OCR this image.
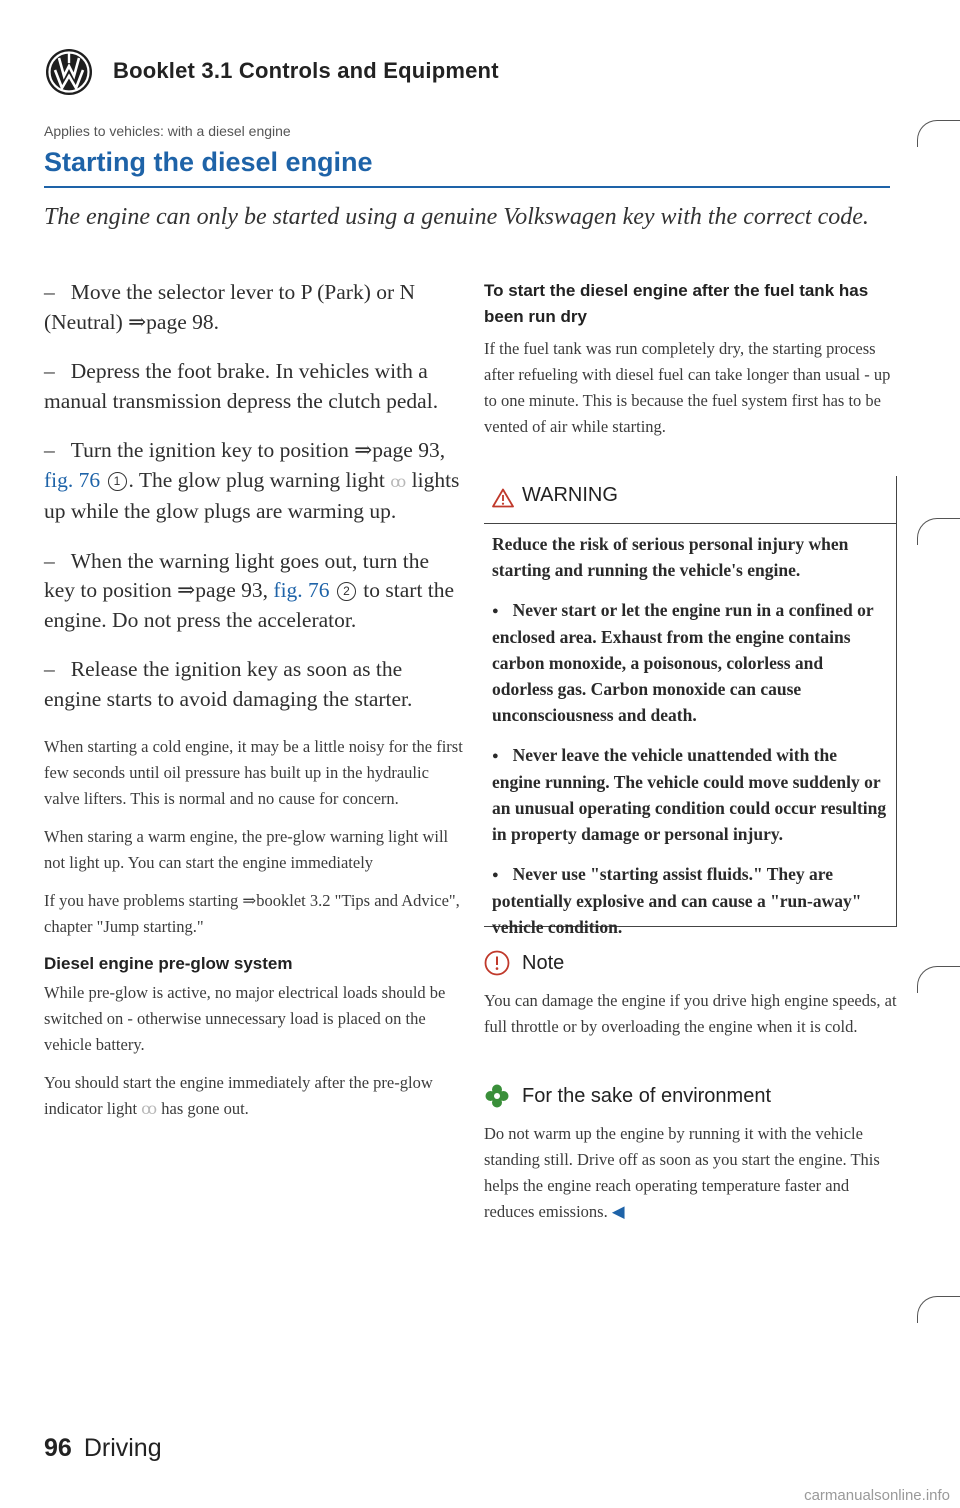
Booklet 3.1 Controls and Equipment
Applies to vehicles: with a diesel engine
Starting the diesel engine
The engine can only be started using a genuine Volkswagen key with the correct code.

– Move the selector lever to P (Park) or N (Neutral) ⇒page 98.

– Depress the foot brake. In vehicles with a manual transmission depress the clutch pedal.

– Turn the ignition key to position ⇒page 93, fig. 76 1 . The glow plug warning light ꝏ lights up while the glow plugs are warming up.

– When the warning light goes out, turn the key to position ⇒page 93, fig. 76 2 to start the engine. Do not press the accelerator.

– Release the ignition key as soon as the engine starts to avoid damaging the starter.

When starting a cold engine, it may be a little noisy for the first few seconds until oil pressure has built up in the hydraulic valve lifters. This is normal and no cause for concern.

When staring a warm engine, the pre-glow warning light will not light up. You can start the engine immediately

If you have problems starting ⇒booklet 3.2 "Tips and Advice", chapter "Jump starting."

Diesel engine pre-glow system

While pre-glow is active, no major electrical loads should be switched on - otherwise unnecessary load is placed on the vehicle battery.

You should start the engine immediately after the pre-glow indicator light ꝏ has gone out.

To start the diesel engine after the fuel tank has been run dry

If the fuel tank was run completely dry, the starting process after refueling with diesel fuel can take longer than usual - up to one minute. This is because the fuel system first has to be vented of air while starting.

WARNING

Reduce the risk of serious personal injury when starting and running the vehicle's engine.

● Never start or let the engine run in a confined or enclosed area. Exhaust from the engine contains carbon monoxide, a poisonous, colorless and odorless gas. Carbon monoxide can cause unconsciousness and death.

● Never leave the vehicle unattended with the engine running. The vehicle could move suddenly or an unusual operating condition could occur resulting in property damage or personal injury.

● Never use "starting assist fluids." They are potentially explosive and can cause a "run-away" vehicle condition.

Note

You can damage the engine if you drive high engine speeds, at full throttle or by overloading the engine when it is cold.

For the sake of environment

Do not warm up the engine by running it with the vehicle standing still. Drive off as soon as you start the engine. This helps the engine reach operating temperature faster and reduces emissions. ◀

96 Driving
carmanualsonline.info
